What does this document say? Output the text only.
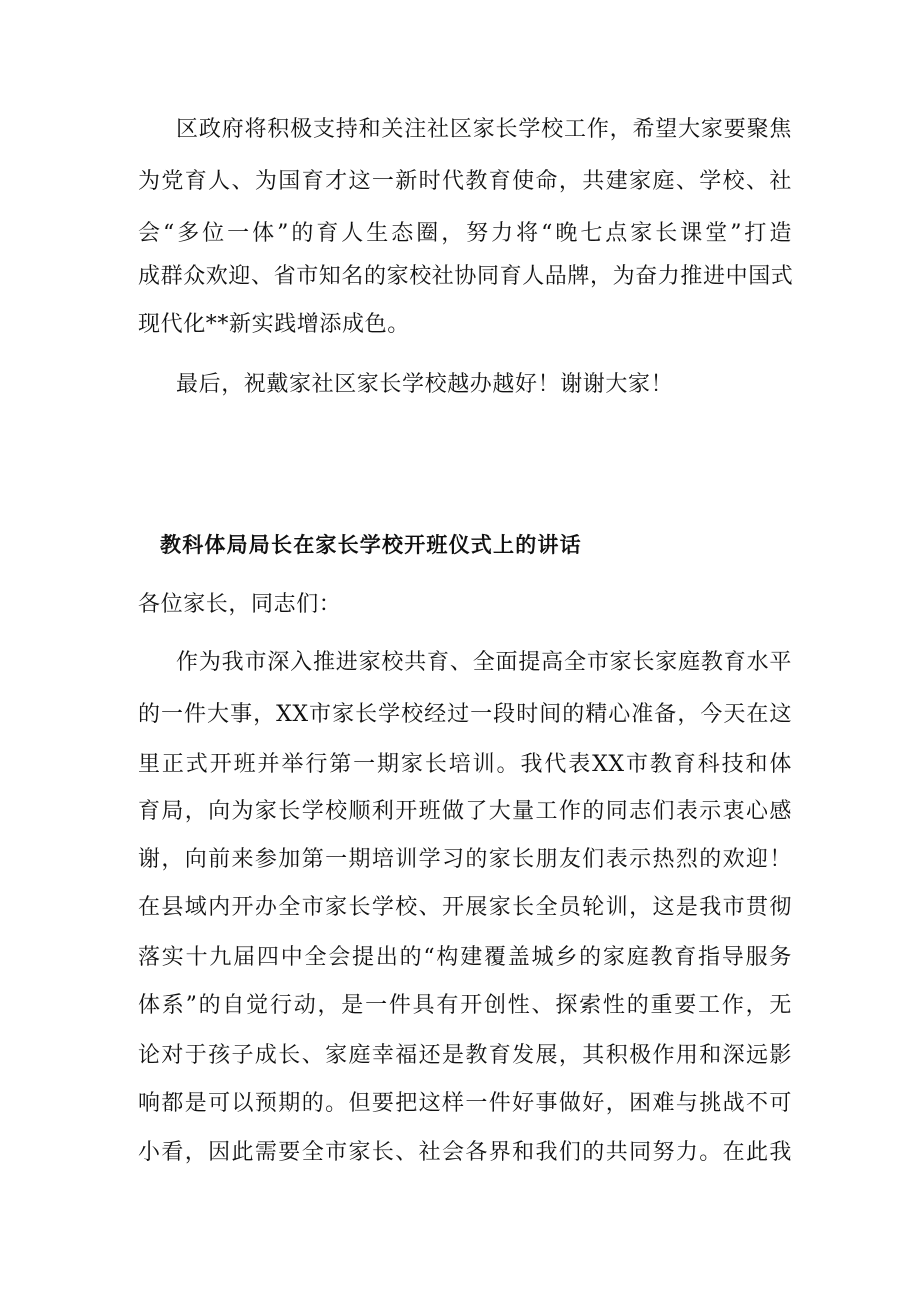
区政府将积极支持和关注社区家长学校工作，希望大家要聚焦
为党育人、为国育才这一新时代教育使命，共建家庭、学校、社
会“多位一体”的育人生态圈，努力将“晚七点家长课堂”打造
成群众欢迎、省市知名的家校社协同育人品牌，为奋力推进中国式
现代化**新实践增添成色。
最后，祝戴家社区家长学校越办越好！谢谢大家！
教科体局局长在家长学校开班仪式上的讲话
各位家长，同志们：
作为我市深入推进家校共育、全面提高全市家长家庭教育水平
的一件大事，XX市家长学校经过一段时间的精心准备，今天在这
里正式开班并举行第一期家长培训。我代表XX市教育科技和体
育局，向为家长学校顺利开班做了大量工作的同志们表示衷心感
谢，向前来参加第一期培训学习的家长朋友们表示热烈的欢迎！
在县域内开办全市家长学校、开展家长全员轮训，这是我市贯彻
落实十九届四中全会提出的“构建覆盖城乡的家庭教育指导服务
体系”的自觉行动，是一件具有开创性、探索性的重要工作，无
论对于孩子成长、家庭幸福还是教育发展，其积极作用和深远影
响都是可以预期的。但要把这样一件好事做好，困难与挑战不可
小看，因此需要全市家长、社会各界和我们的共同努力。在此我
